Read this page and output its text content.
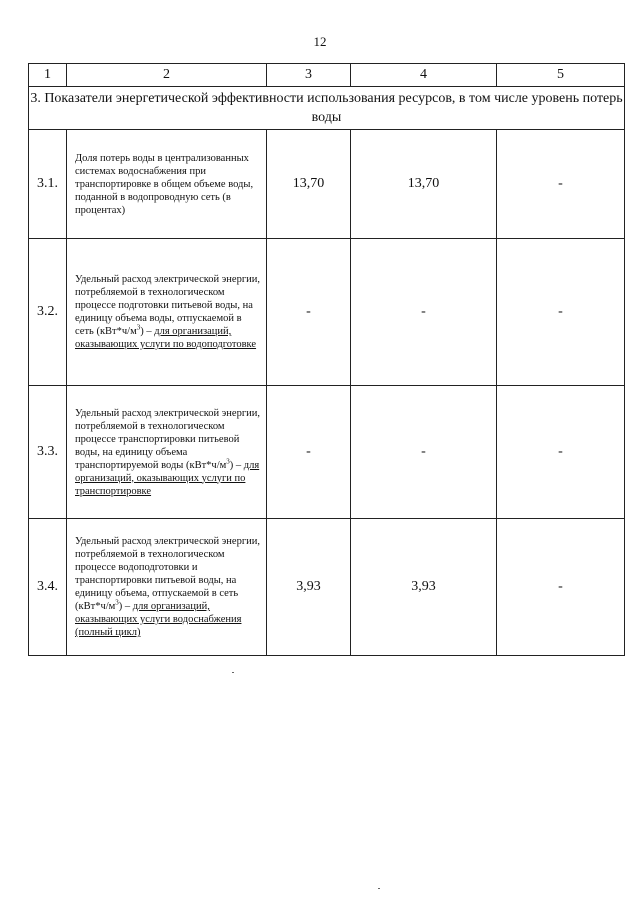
12
1	2	3	4	5
3. Показатели энергетической эффективности использования ресурсов, в том числе уровень потерь воды				
3.1.	Доля потерь воды в централизованных системах водоснабжения при транспортировке в общем объеме воды, поданной в водопроводную сеть (в процентах)	13,70	13,70	-
3.2.	Удельный расход электрической энергии, потребляемой в технологическом процессе подготовки питьевой воды, на единицу объема воды, отпускаемой в сеть $(кВт*ч/м^3)$ – для организаций, оказывающих услуги по водоподготовке	-	-	-
3.3.	Удельный расход электрической энергии, потребляемой в технологическом процессе транспортировки питьевой воды, на единицу объема транспортируемой воды $(кВт*ч/м^3)$ – для организаций, оказывающих услуги по транспортировке	-	-	-
3.4.	Удельный расход электрической энергии, потребляемой в технологическом процессе водоподготовки и транспортировки питьевой воды, на единицу объема, отпускаемой в сеть $(кВт*ч/м^3)$ – для организаций, оказывающих услуги водоснабжения (полный цикл)	3,93	3,93	-
